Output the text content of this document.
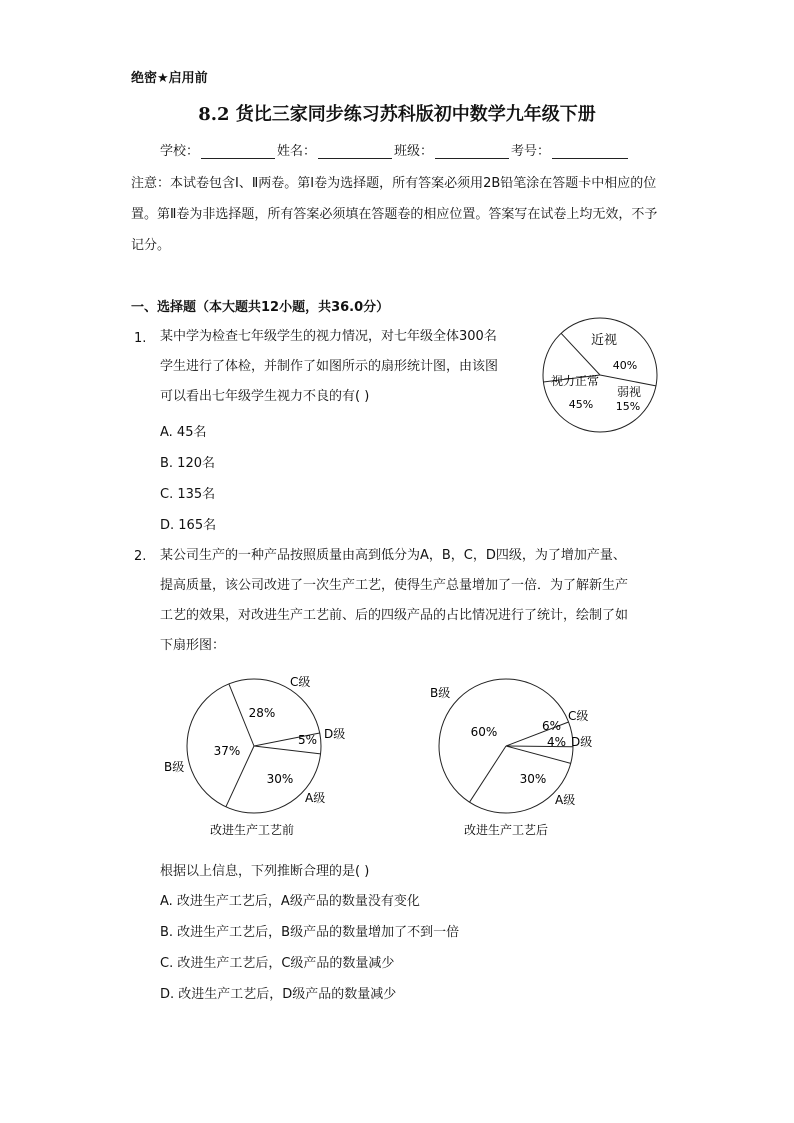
绝密★启用前
8.2 货比三家同步练习苏科版初中数学九年级下册
学校：	姓名：	班级：	考号：
注意：本试卷包含Ⅰ、Ⅱ两卷。第Ⅰ卷为选择题，所有答案必须用2B铅笔涂在答题卡中相应的位置。第Ⅱ卷为非选择题，所有答案必须填在答题卷的相应位置。答案写在试卷上均无效，不予记分。
一、选择题（本大题共12小题，共36.0分）
1. 某中学为检查七年级学生的视力情况，对七年级全体300名
学生进行了体检，并制作了如图所示的扇形统计图，由该图
可以看出七年级学生视力不良的有( )
A. 45名
B. 120名
C. 135名
D. 165名
近视
40%
视力正常
45%
弱视
15%
2. 某公司生产的一种产品按照质量由高到低分为A，B，C，D四级，为了增加产量、
提高质量，该公司改进了一次生产工艺，使得生产总量增加了一倍．为了解新生产
工艺的效果，对改进生产工艺前、后的四级产品的占比情况进行了统计，绘制了如
下扇形图：
C级
28%
5% D级
30%
A级
37%
B级
改进生产工艺前
B级
60%	6%
C级
4% D级
30%
A级
改进生产工艺后
根据以上信息，下列推断合理的是( )
A. 改进生产工艺后，A级产品的数量没有变化
B. 改进生产工艺后，B级产品的数量增加了不到一倍
C. 改进生产工艺后，C级产品的数量减少
D. 改进生产工艺后，D级产品的数量减少
